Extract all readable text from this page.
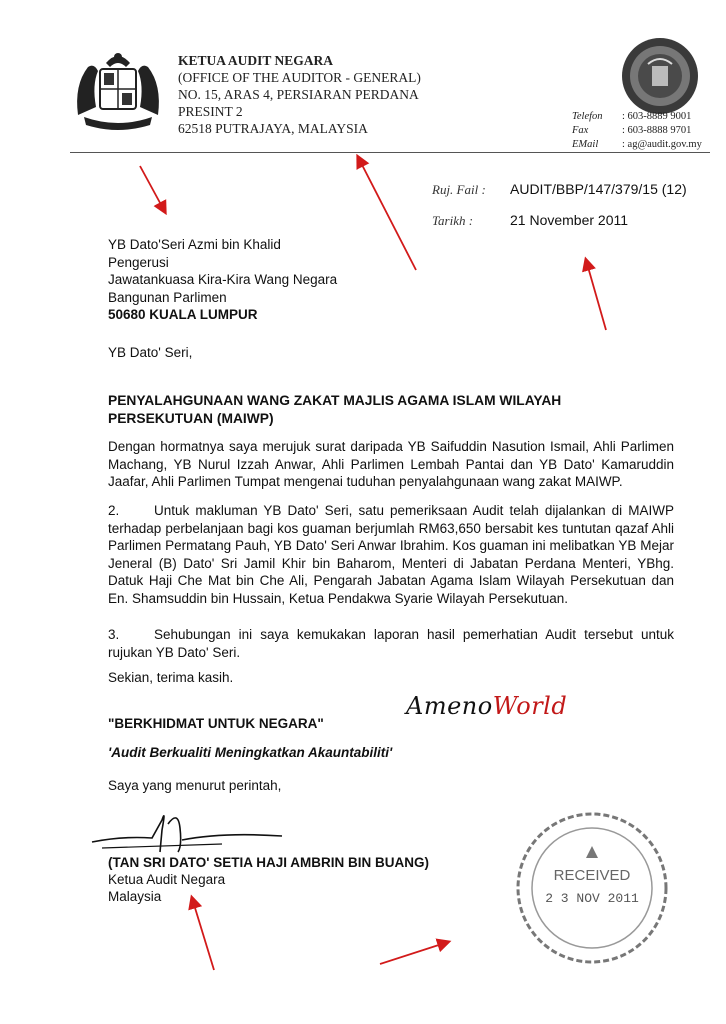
KETUA AUDIT NEGARA
(OFFICE OF THE AUDITOR - GENERAL)
NO. 15, ARAS 4, PERSIARAN PERDANA
PRESINT 2
62518 PUTRAJAYA, MALAYSIA
Telefon	: 603-8889 9001
Fax	: 603-8888 9701
EMail	: ag@audit.gov.my
Ruj. Fail :	AUDIT/BBP/147/379/15 (12)
Tarikh :	21 November 2011
YB Dato'Seri Azmi bin Khalid
Pengerusi
Jawatankuasa Kira-Kira Wang Negara
Bangunan Parlimen
50680 KUALA LUMPUR
YB Dato' Seri,
PENYALAHGUNAAN WANG ZAKAT MAJLIS AGAMA ISLAM WILAYAH PERSEKUTUAN (MAIWP)
Dengan hormatnya saya merujuk surat daripada YB Saifuddin Nasution Ismail, Ahli Parlimen Machang, YB Nurul Izzah Anwar, Ahli Parlimen Lembah Pantai dan YB Dato' Kamaruddin Jaafar, Ahli Parlimen Tumpat mengenai tuduhan penyalahgunaan wang zakat MAIWP.
2.	Untuk makluman YB Dato' Seri, satu pemeriksaan Audit telah dijalankan di MAIWP terhadap perbelanjaan bagi kos guaman berjumlah RM63,650 bersabit kes tuntutan qazaf Ahli Parlimen Permatang Pauh, YB Dato' Seri Anwar Ibrahim. Kos guaman ini melibatkan YB Mejar Jeneral (B) Dato' Sri Jamil Khir bin Baharom, Menteri di Jabatan Perdana Menteri, YBhg. Datuk Haji Che Mat bin Che Ali, Pengarah Jabatan Agama Islam Wilayah Persekutuan dan En. Shamsuddin bin Hussain, Ketua Pendakwa Syarie Wilayah Persekutuan.
3.	Sehubungan ini saya kemukakan laporan hasil pemerhatian Audit tersebut untuk rujukan YB Dato' Seri.
Sekian, terima kasih.
AmenoWorld
"BERKHIDMAT UNTUK NEGARA"
'Audit Berkualiti Meningkatkan Akauntabiliti'
Saya yang menurut perintah,
(TAN SRI DATO' SETIA HAJI AMBRIN BIN BUANG)
Ketua Audit Negara
Malaysia
RECEIVED
2 3 NOV 2011
